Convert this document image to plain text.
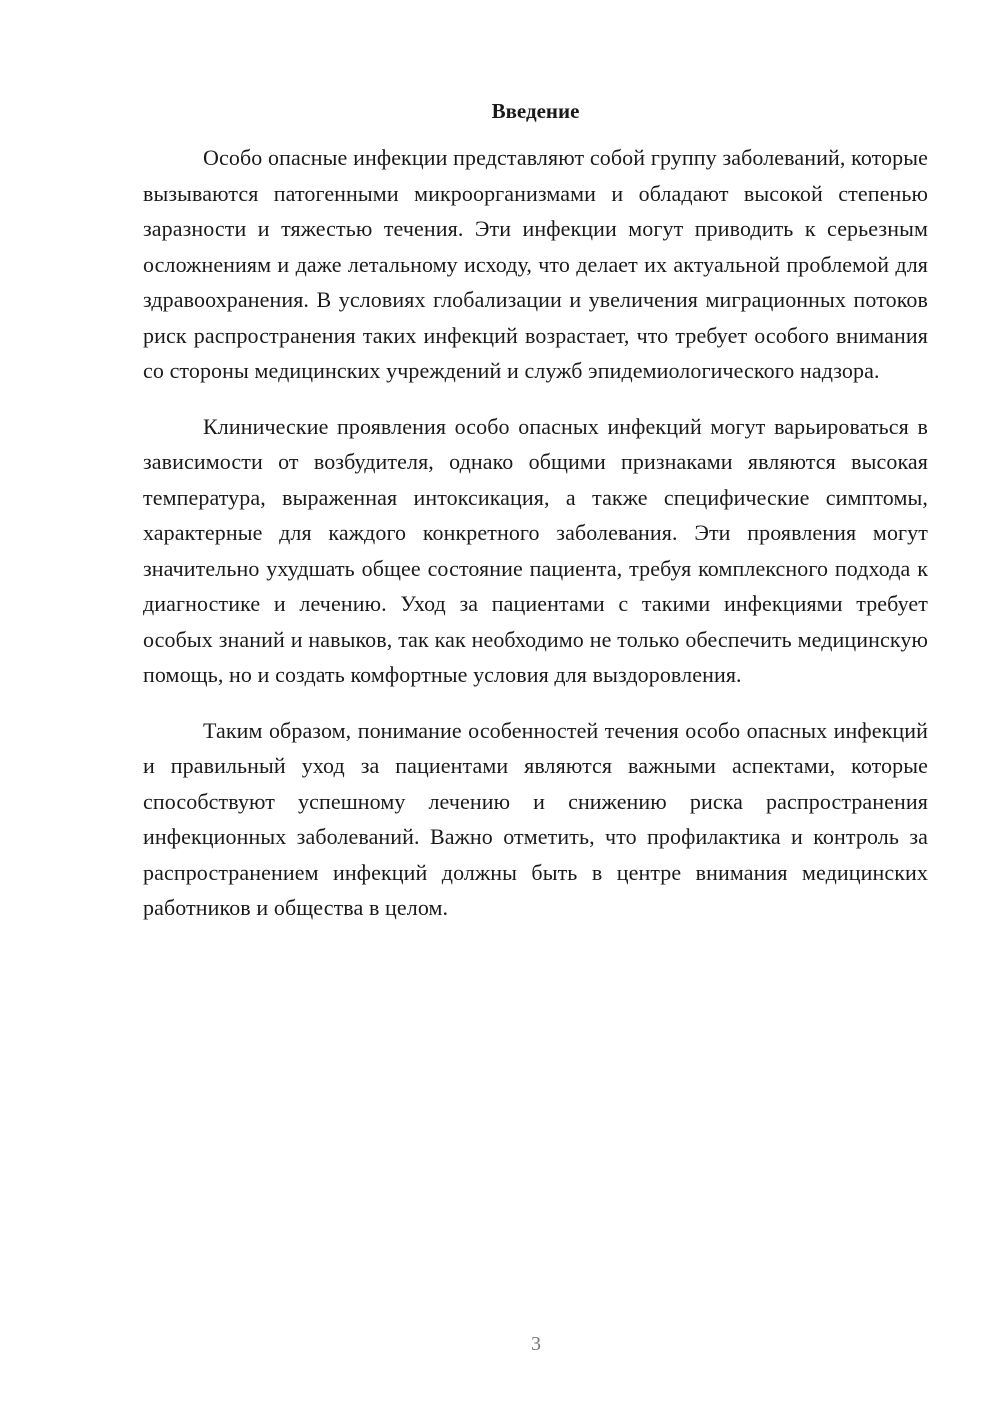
Введение

Особо опасные инфекции представляют собой группу заболеваний, которые вызываются патогенными микроорганизмами и обладают высокой степенью заразности и тяжестью течения. Эти инфекции могут приводить к серьезным осложнениям и даже летальному исходу, что делает их актуальной проблемой для здравоохранения. В условиях глобализации и увеличения миграционных потоков риск распространения таких инфекций возрастает, что требует особого внимания со стороны медицинских учреждений и служб эпидемиологического надзора.

Клинические проявления особо опасных инфекций могут варьироваться в зависимости от возбудителя, однако общими признаками являются высокая температура, выраженная интоксикация, а также специфические симптомы, характерные для каждого конкретного заболевания. Эти проявления могут значительно ухудшать общее состояние пациента, требуя комплексного подхода к диагностике и лечению. Уход за пациентами с такими инфекциями требует особых знаний и навыков, так как необходимо не только обеспечить медицинскую помощь, но и создать комфортные условия для выздоровления.

Таким образом, понимание особенностей течения особо опасных инфекций и правильный уход за пациентами являются важными аспектами, которые способствуют успешному лечению и снижению риска распространения инфекционных заболеваний. Важно отметить, что профилактика и контроль за распространением инфекций должны быть в центре внимания медицинских работников и общества в целом.

3
